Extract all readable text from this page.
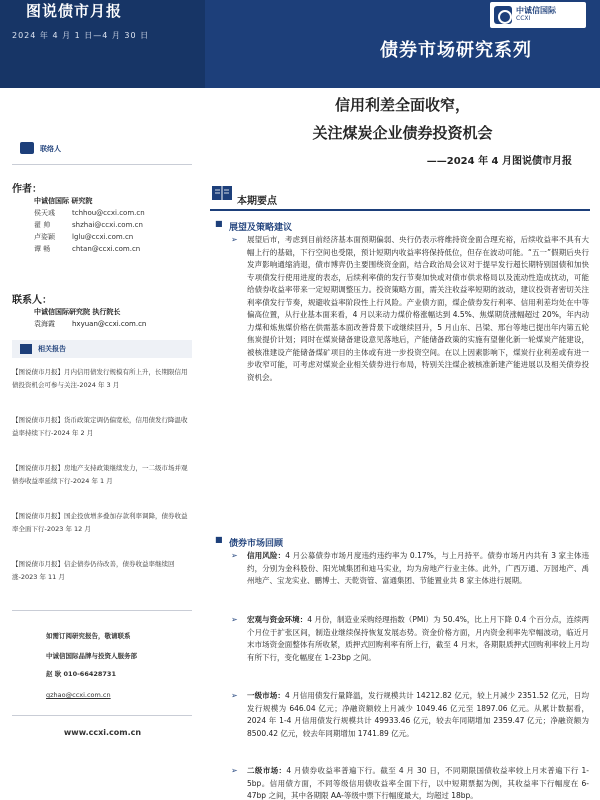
图说债市月报
2024 年 4 月 1 日—4 月 30 日
中诚信国际
CCXI
债券市场研究系列
联络人
作者：
中诚信国际 研究院
侯天彧 tchhou@ccxi.com.cn
翟 帅	shzhai@ccxi.com.cn
卢姿颖 lglu@ccxi.com.cn
谭 畅	chtan@ccxi.com.cn
联系人：
中诚信国际研究院 执行院长
袁海霞 hxyuan@ccxi.com.cn
相关报告
【图说债市月报】月内信用债发行规模有所上升，长期限信用债投资机会可参与关注-2024 年 3 月
【图说债市月报】货币政策定调仍偏宽松，信用债发行降温收益率持续下行-2024 年 2 月
【图说债市月报】房地产支持政策继续发力，一二级市场并观债券收益率延续下行-2024 年 1 月
【图说债市月报】国企投放增多叠加存款利率调降，债券收益率全面下行-2023 年 12 月
【图说债市月报】信企债券仍待改善，债券收益率继续回涨-2023 年 11 月
如需订阅研究报告，敬请联系
中诚信国际品牌与投资人服务部
赵 耿 010-66428731
gzhao@ccxi.com.cn
www.ccxi.com.cn
信用利差全面收窄，
关注煤炭企业债券投资机会
——2024 年 4 月图说债市月报
本期要点
■ 展望及策略建议
➢ 展望后市，考虑到目前经济基本面预期偏弱、央行仍表示将维持资金面合理充裕，后续收益率不具有大幅上行的基础，下行空间也受限，预计短期内收益率将保持低位，但存在波动可能。“五一”假期后央行发声影响通缩消退，债市博弈仍主要围绕资金面，结合政治局会议对于提早发行超长期特别国债和加快专项债发行使用进度的表态，后续利率债的发行节奏加快或对债市供求格局以及流动性造成扰动，可能给债券收益率带来一定短期调整压力。投资策略方面，需关注收益率短期的波动，建议投资者密切关注利率债发行节奏，规避收益率阶段性上行风险。产业债方面，煤企债券发行利率、信用利差均处在中等偏高位置，从行业基本面来看，4 月以来动力煤价格涨幅达到 4.5%、焦煤期货涨幅超过 20%，年内动力煤和炼焦煤价格在供需基本面改善背景下或继续回升，5 月山东、吕梁、邢台等地已提出年内第五轮焦炭提价计划；同时在煤炭储备建设意见落地后，产能储备政策的实施有望催化新一轮煤炭产能建设，被核准建设产能储备煤矿项目的主体或有进一步投资空间。在以上因素影响下，煤炭行业利差或有进一步收窄可能，可考虑对煤炭企业相关债券进行布局，特别关注煤企被核准新建产能进展以及相关债券投资机会。
■ 债券市场回顾
➢ 信用风险：4 月公募债券市场月度违约违约率为 0.17%，与上月持平。债券市场月内共有 3 家主体违约，分别为金科股份、阳光城集团和迪马实业，均为房地产行业主体。此外，广西万通、万园地产、禹州地产、宝龙实业、鹏博士、天乾资管、富通集团、节能置业共 8 家主体进行展期。
➢ 宏观与资金环境：4 月份，制造业采购经理指数（PMI）为 50.4%，比上月下降 0.4 个百分点，连续两个月位于扩张区间，制造业继续保持恢复发展态势。资金价格方面，月内资金利率先窄幅波动，临近月末市场资金面整体有所收紧，质押式回购利率有所上行，截至 4 月末，各期限质押式回购利率较上月均有所下行，变化幅度在 1-23bp 之间。
➢ 一级市场：4 月信用债发行量降温，发行规模共计 14212.82 亿元，较上月减少 2351.52 亿元，日均发行规模为 646.04 亿元；净融资额较上月减少 1049.46 亿元至 1897.06 亿元。从累计数据看，2024 年 1-4 月信用债发行规模共计 49933.46 亿元，较去年同期增加 2359.47 亿元；净融资额为 8500.42 亿元，较去年同期增加 1741.89 亿元。
➢ 二级市场：4 月债券收益率普遍下行。截至 4 月 30 日，不同期限国债收益率较上月末普遍下行 1-5bp。信用债方面，不同等级信用债收益率全面下行，以中短期票据为例，其收益率下行幅度在 6-47bp 之间，其中各期限 AA-等级中票下行幅度最大，均超过 18bp。
